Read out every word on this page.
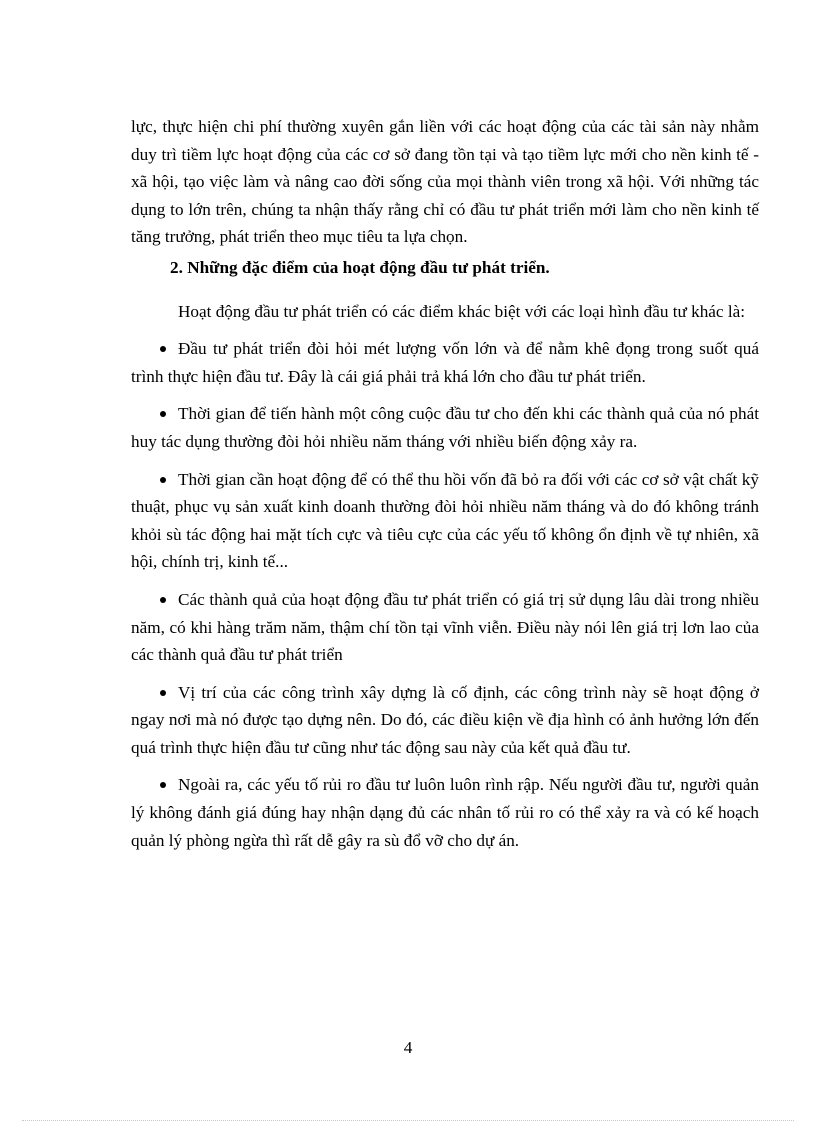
lực, thực hiện chi phí thường xuyên gắn liền với các hoạt động của các tài sản này nhằm duy trì tiềm lực hoạt động của các cơ sở đang tồn tại và tạo tiềm lực mới cho nền kinh tế - xã hội, tạo việc làm và nâng cao đời sống của mọi thành viên trong xã hội. Với những tác dụng to lớn trên, chúng ta nhận thấy rằng chỉ có đầu tư phát triển mới làm cho nền kinh tế tăng trưởng, phát triển theo mục tiêu ta lựa chọn.

2. Những đặc điểm của hoạt động đầu tư phát triển.

Hoạt động đầu tư phát triển có các điểm khác biệt với các loại hình đầu tư khác là:

Đầu tư phát triển đòi hỏi mét lượng vốn lớn và để nằm khê đọng trong suốt quá trình thực hiện đầu tư. Đây là cái giá phải trả khá lớn cho đầu tư phát triển.

Thời gian để tiến hành một công cuộc đầu tư cho đến khi các thành quả của nó phát huy tác dụng thường đòi hỏi nhiều năm tháng với nhiều biến động xảy ra.

Thời gian cần hoạt động để có thể thu hồi vốn đã bỏ ra đối với các cơ sở vật chất kỹ thuật, phục vụ sản xuất kinh doanh thường đòi hỏi nhiều năm tháng và do đó không tránh khỏi sù tác động hai mặt tích cực và tiêu cực của các yếu tố không ổn định về tự nhiên, xã hội, chính trị, kinh tế...

Các thành quả của hoạt động đầu tư phát triển có giá trị sử dụng lâu dài trong nhiều năm, có khi hàng trăm năm, thậm chí tồn tại vĩnh viễn. Điều này nói lên giá trị lơn lao của các thành quả đầu tư phát triển

Vị trí của các công trình xây dựng là cố định, các công trình này sẽ hoạt động ở ngay nơi mà nó được tạo dựng nên. Do đó, các điều kiện về địa hình có ảnh hưởng lớn đến quá trình thực hiện đầu tư cũng như tác động sau này của kết quả đầu tư.

Ngoài ra, các yếu tố rủi ro đầu tư luôn luôn rình rập. Nếu người đầu tư, người quản lý không đánh giá đúng hay nhận dạng đủ các nhân tố rủi ro có thể xảy ra và có kế hoạch quản lý phòng ngừa thì rất dễ gây ra sù đổ vỡ cho dự án.

4
